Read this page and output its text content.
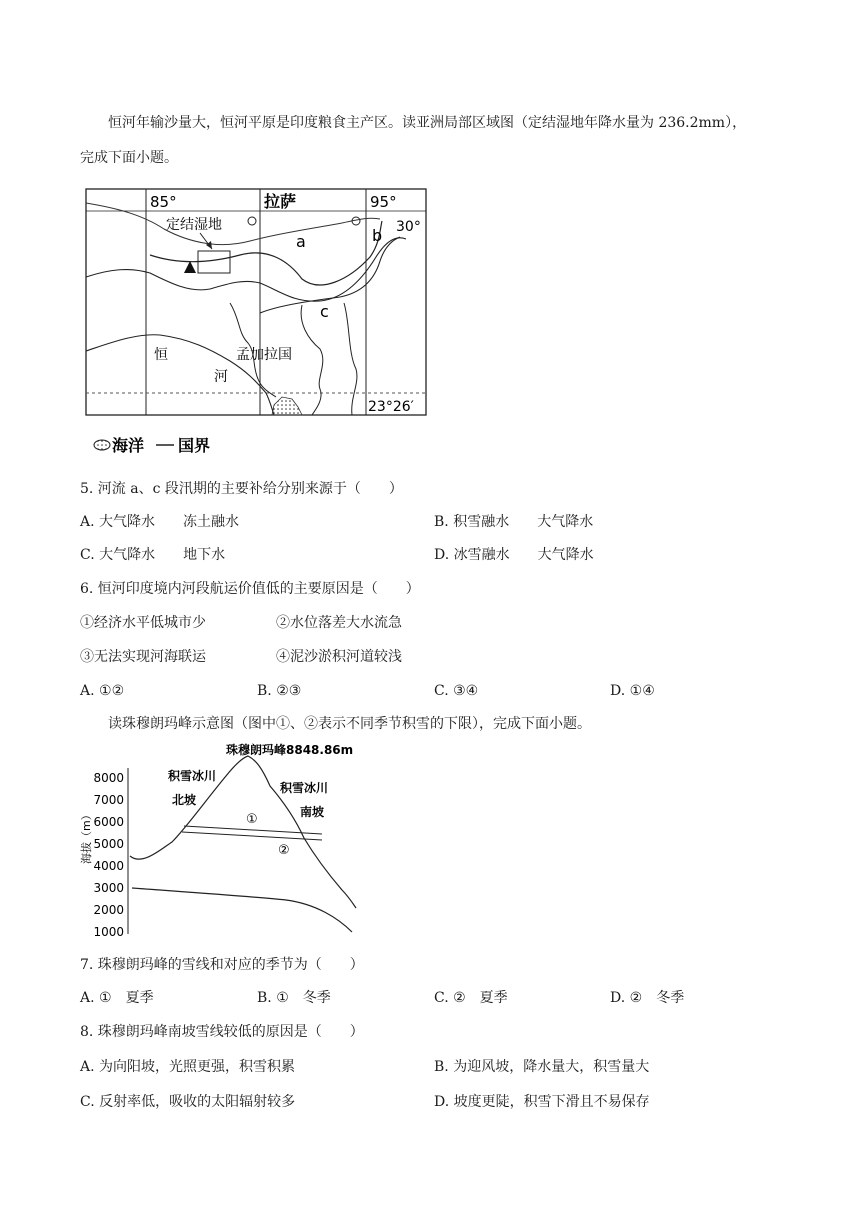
恒河年输沙量大，恒河平原是印度粮食主产区。读亚洲局部区域图（定结湿地年降水量为 236.2mm），
完成下面小题。
85°	拉萨	95°
30°
23°26′
定结湿地
a	b
c
恒
河
孟加拉国
海洋 国界
5. 河流 a、c 段汛期的主要补给分别来源于（　　）
A. 大气降水　　冻土融水	B. 积雪融水　　大气降水
C. 大气降水　　地下水	D. 冰雪融水　　大气降水
6. 恒河印度境内河段航运价值低的主要原因是（　　）
①经济水平低城市少	②水位落差大水流急
③无法实现河海联运	④泥沙淤积河道较浅
A. ①②	B. ②③	C. ③④	D. ①④
读珠穆朗玛峰示意图（图中①、②表示不同季节积雪的下限），完成下面小题。
海拔（m）
8000
7000
6000
5000
4000
3000
2000
1000
珠穆朗玛峰8848.86m
积雪冰川
北坡
积雪冰川
南坡
①
②
7. 珠穆朗玛峰的雪线和对应的季节为（　　）
A. ①　夏季	B. ①　冬季	C. ②　夏季	D. ②　冬季
8. 珠穆朗玛峰南坡雪线较低的原因是（　　）
A. 为向阳坡，光照更强，积雪积累	B. 为迎风坡，降水量大，积雪量大
C. 反射率低，吸收的太阳辐射较多	D. 坡度更陡，积雪下滑且不易保存
